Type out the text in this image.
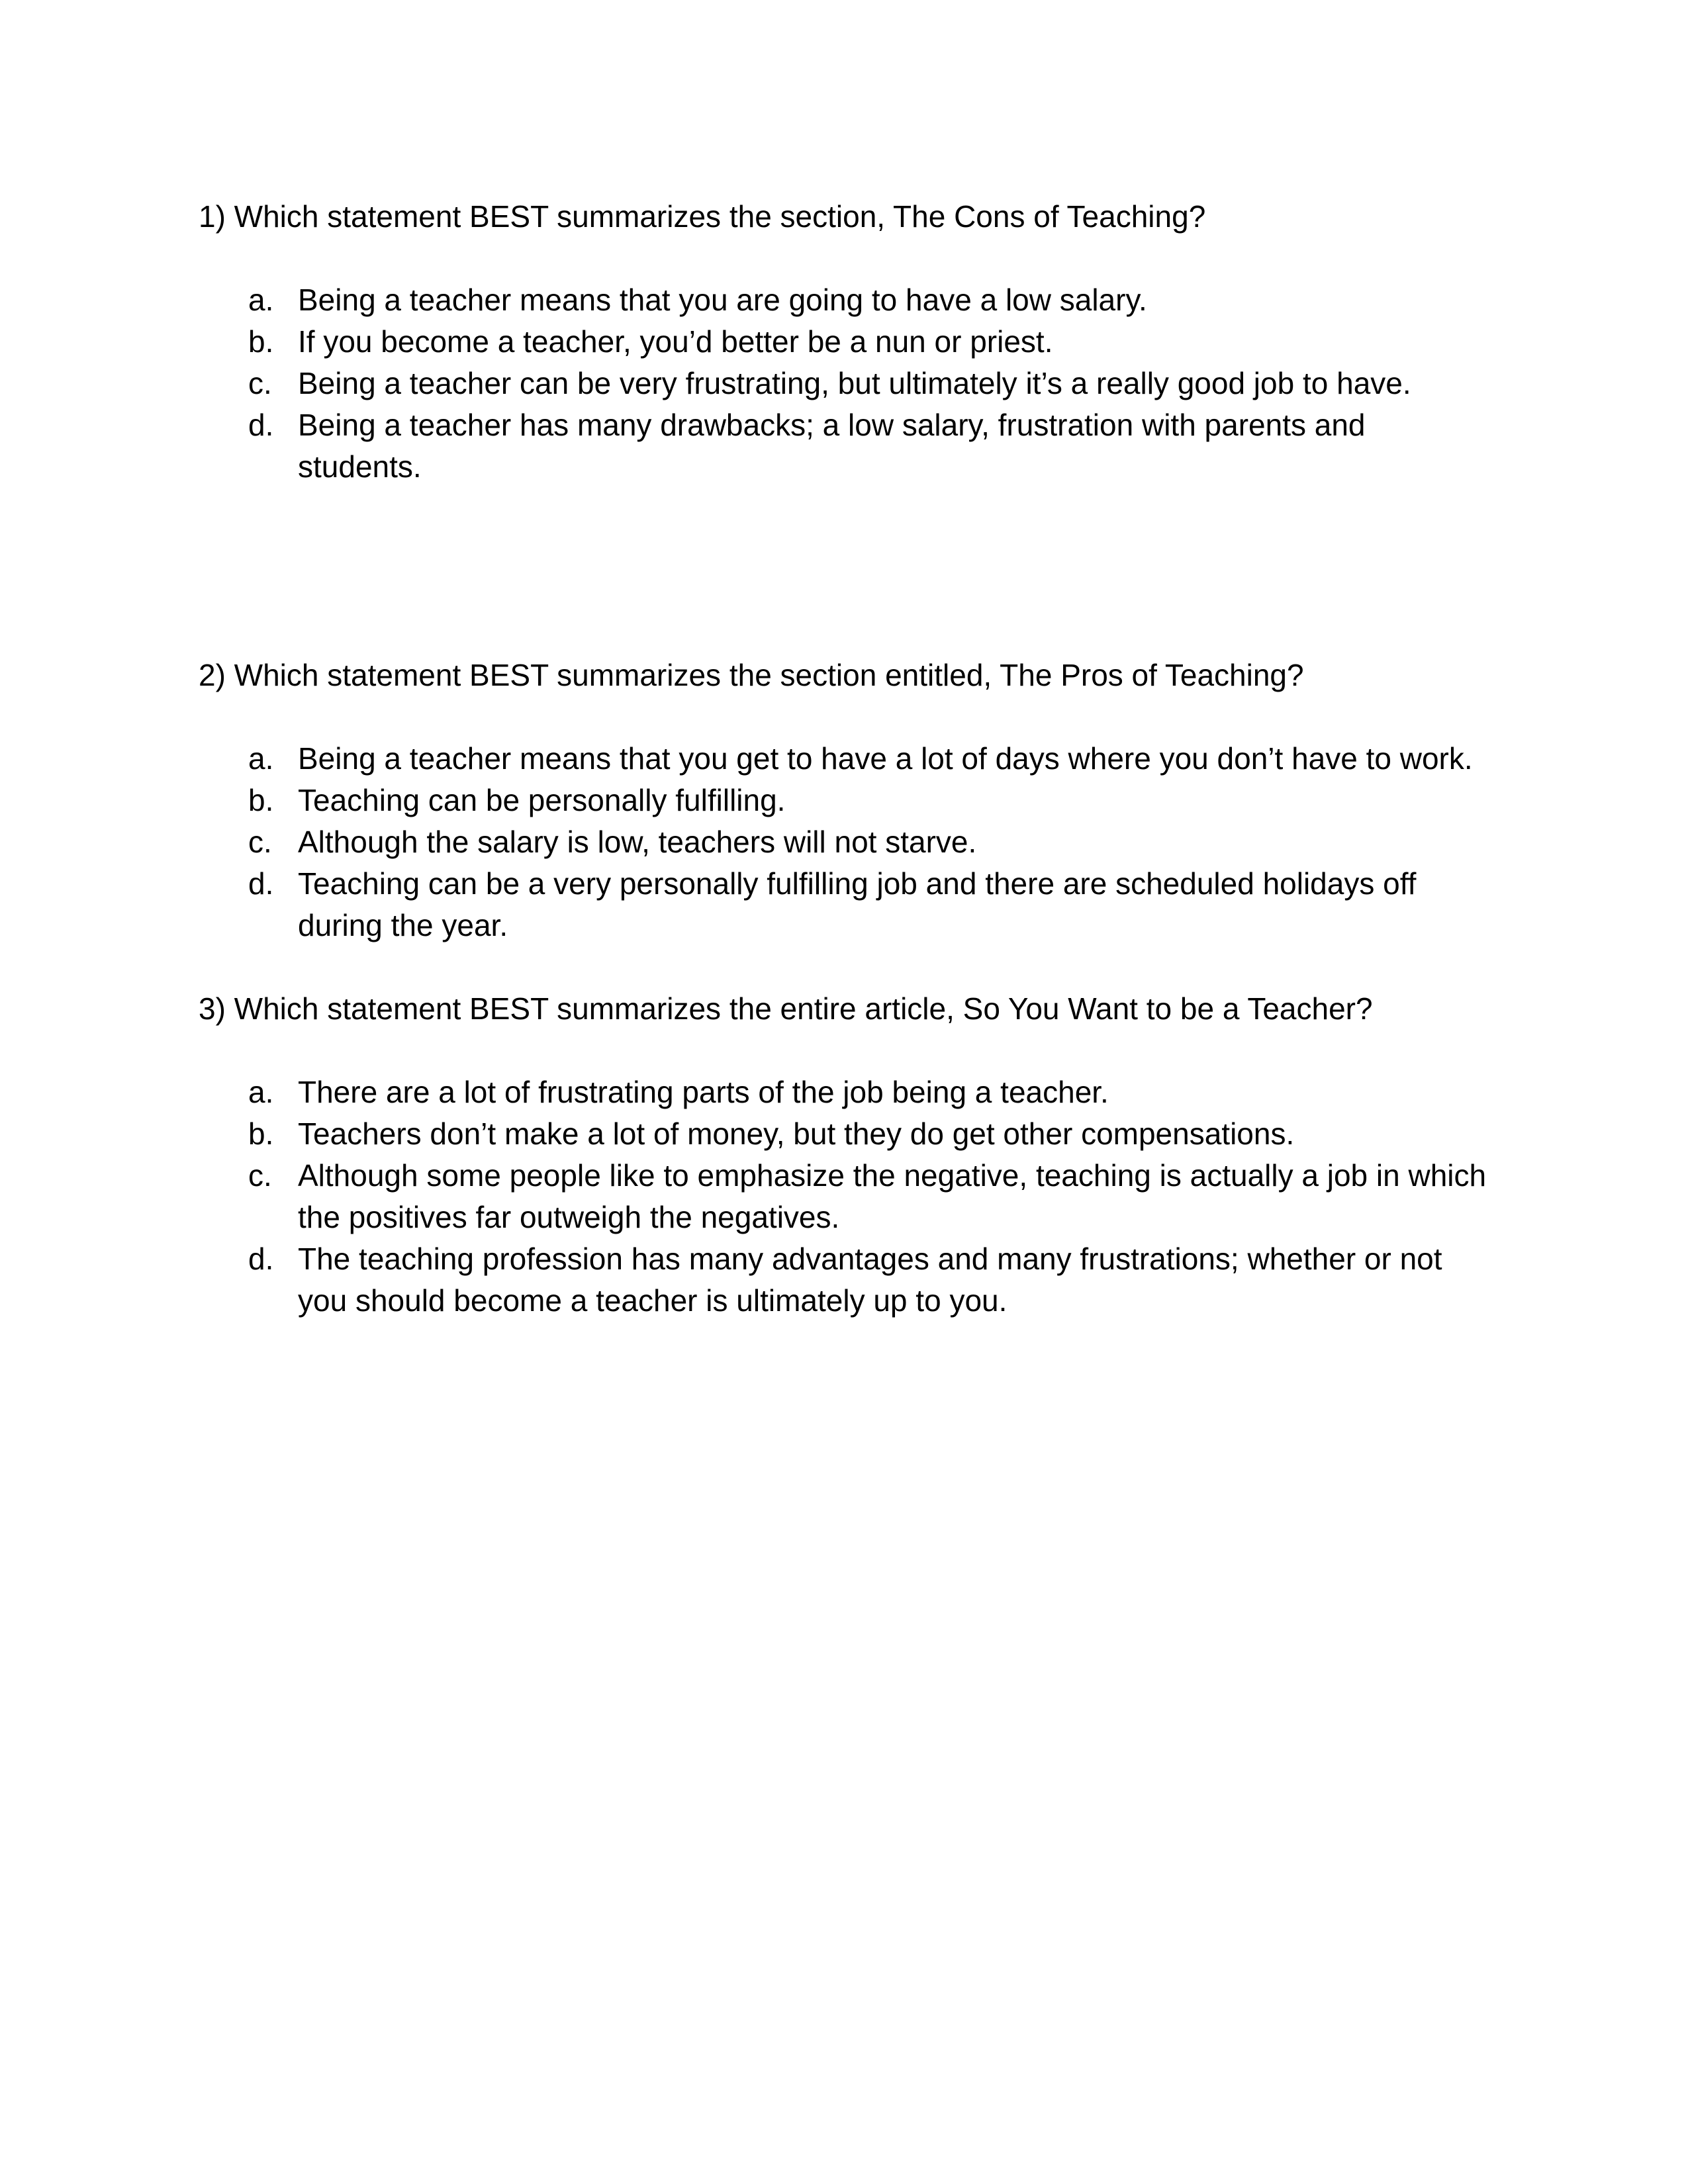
1) Which statement BEST summarizes the section, The Cons of Teaching?

a. Being a teacher means that you are going to have a low salary.
b. If you become a teacher, you’d better be a nun or priest.
c. Being a teacher can be very frustrating, but ultimately it’s a really good job to have.
d. Being a teacher has many drawbacks; a low salary, frustration with parents and students.

2) Which statement BEST summarizes the section entitled, The Pros of Teaching?

a. Being a teacher means that you get to have a lot of days where you don’t have to work.
b. Teaching can be personally fulfilling.
c. Although the salary is low, teachers will not starve.
d. Teaching can be a very personally fulfilling job and there are scheduled holidays off during the year.

3) Which statement BEST summarizes the entire article, So You Want to be a Teacher?

a. There are a lot of frustrating parts of the job being a teacher.
b. Teachers don’t make a lot of money, but they do get other compensations.
c. Although some people like to emphasize the negative, teaching is actually a job in which the positives far outweigh the negatives.
d. The teaching profession has many advantages and many frustrations; whether or not you should become a teacher is ultimately up to you.
